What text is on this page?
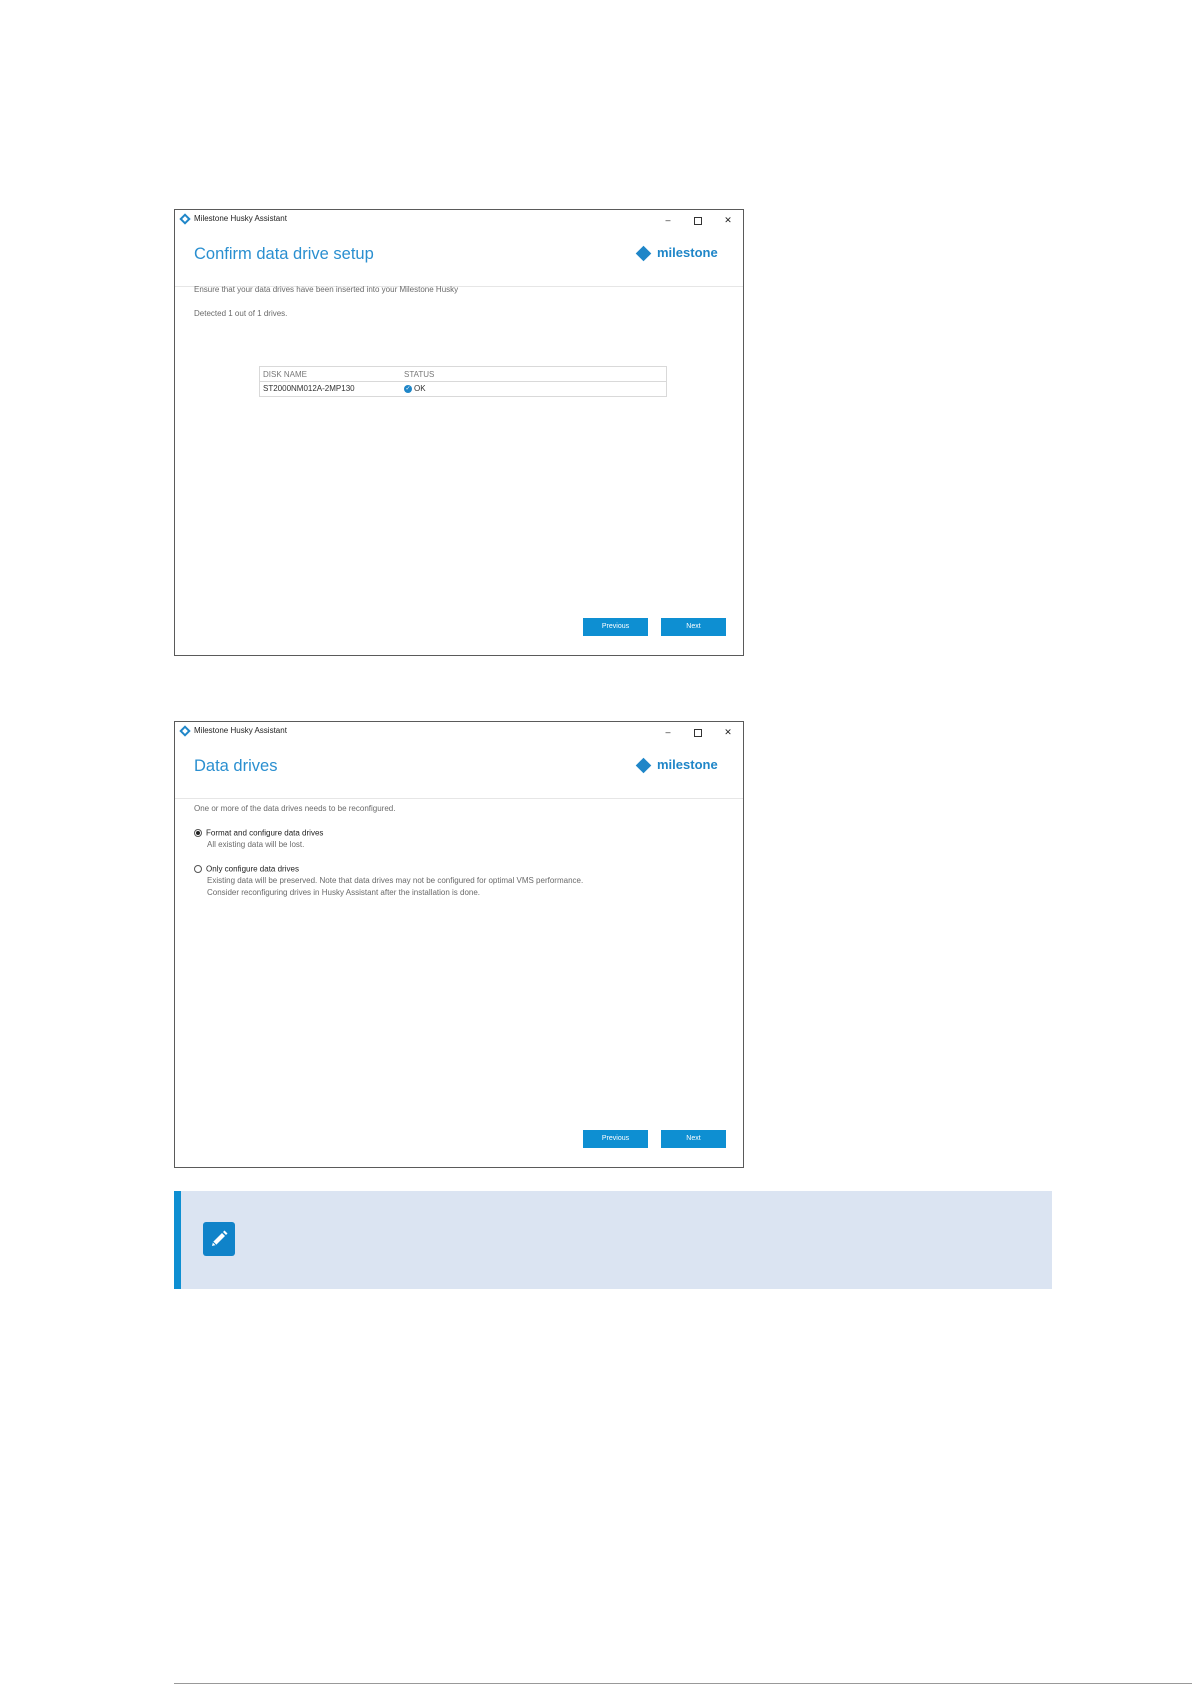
Milestone Husky Assistant	–	✕
Confirm data drive setup	milestone
Ensure that your data drives have been inserted into your Milestone Husky
Detected 1 out of 1 drives.
DISK NAME	STATUS
ST2000NM012A-2MP130	✓ OK
Previous	Next
Milestone Husky Assistant	–	✕
Data drives	milestone
One or more of the data drives needs to be reconfigured.
Format and configure data drives
All existing data will be lost.
Only configure data drives
Existing data will be preserved. Note that data drives may not be configured for optimal VMS performance.
Consider reconfiguring drives in Husky Assistant after the installation is done.
Previous	Next
